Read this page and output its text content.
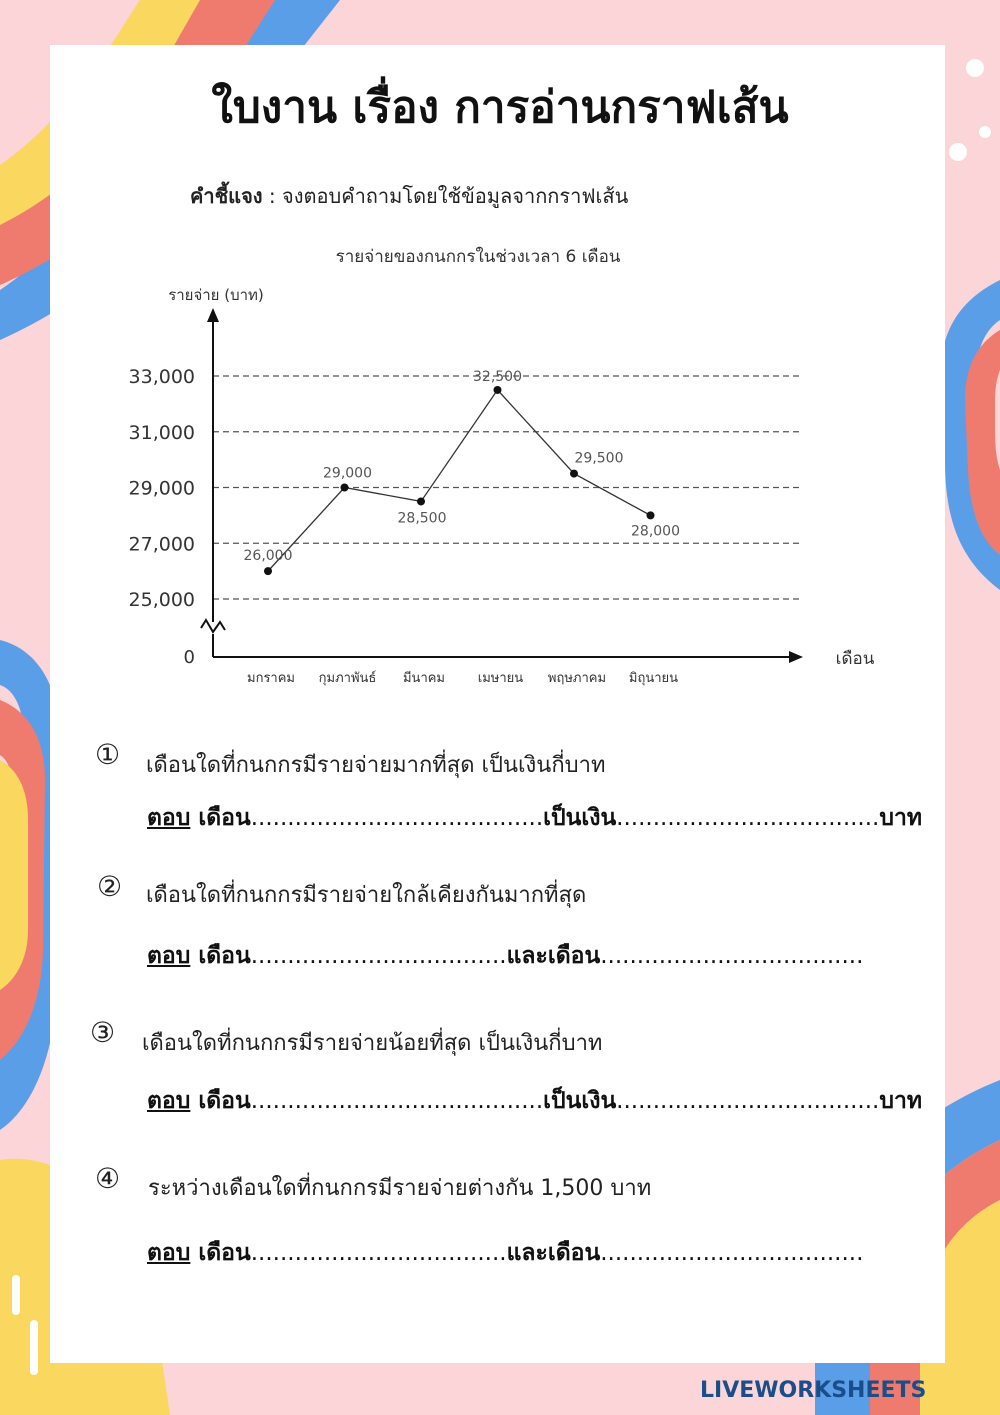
ใบงาน เรื่อง การอ่านกราฟเส้น
คำชี้แจง : จงตอบคำถามโดยใช้ข้อมูลจากกราฟเส้น
รายจ่ายของกนกกรในช่วงเวลา 6 เดือน
รายจ่าย (บาท)
เดือน
0
25,000
27,000
29,000
31,000
33,000
มกราคม กุมภาพันธ์ มีนาคม	เมษายน พฤษภาคม มิถุนายน
26,000
29,000
28,500
32,500
29,500
28,000
① เดือนใดที่กนกกรมีรายจ่ายมากที่สุด เป็นเงินกี่บาท
ตอบ เดือน........................................เป็นเงิน....................................บาท
② เดือนใดที่กนกกรมีรายจ่ายใกล้เคียงกันมากที่สุด
ตอบ เดือน...................................และเดือน....................................
③ เดือนใดที่กนกกรมีรายจ่ายน้อยที่สุด เป็นเงินกี่บาท
ตอบ เดือน........................................เป็นเงิน....................................บาท
④ ระหว่างเดือนใดที่กนกกรมีรายจ่ายต่างกัน 1,500 บาท
ตอบ เดือน...................................และเดือน....................................
LIVEWORKSHEETS
